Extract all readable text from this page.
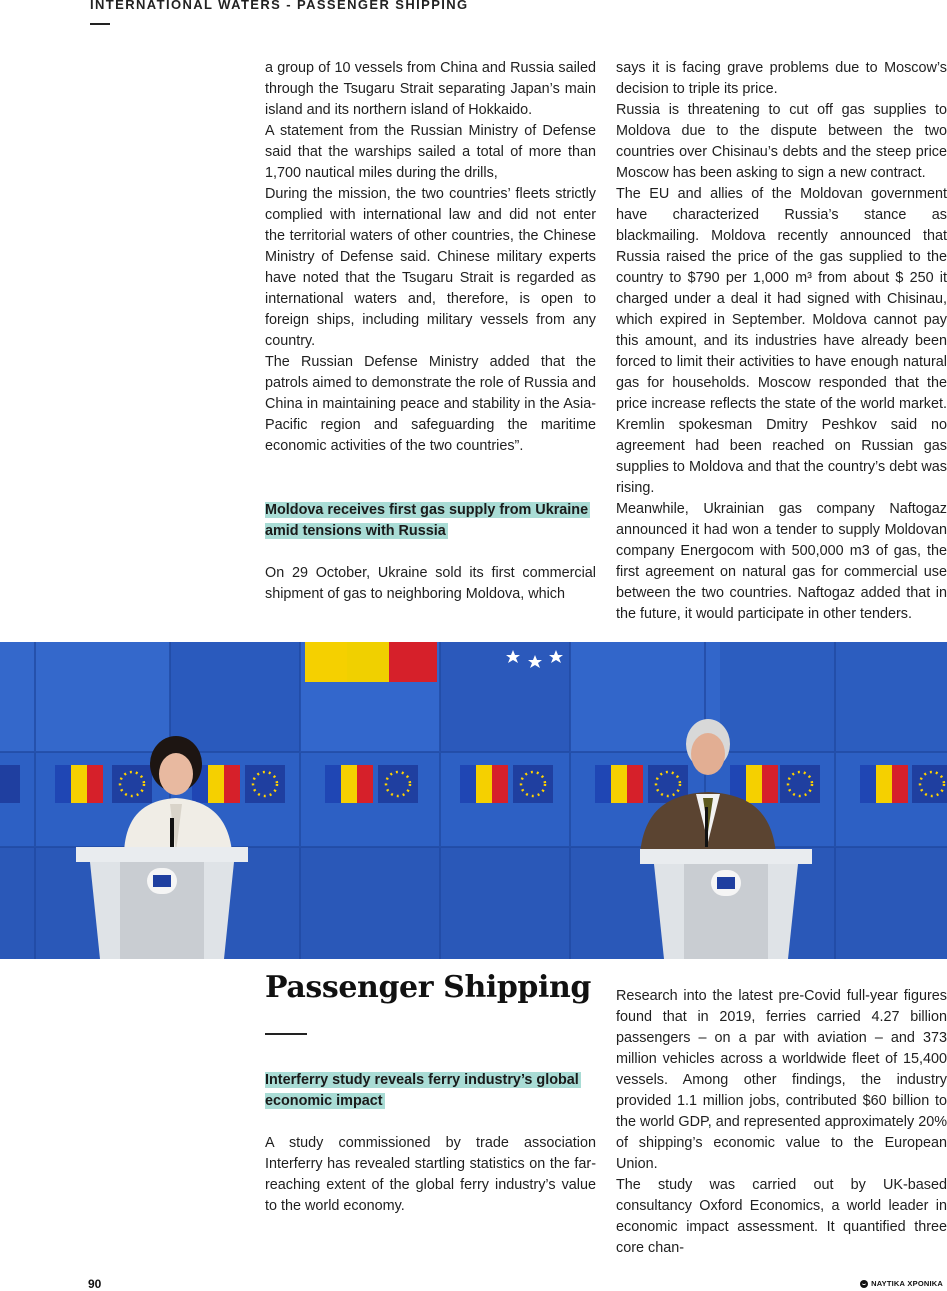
INTERNATIONAL WATERS - PASSENGER SHIPPING

a group of 10 vessels from China and Russia sailed through the Tsugaru Strait separating Japan’s main island and its northern island of Hokkaido.

A statement from the Russian Ministry of Defense said that the warships sailed a total of more than 1,700 nautical miles during the drills,

During the mission, the two countries’ fleets strictly complied with international law and did not enter the territorial waters of other countries, the Chinese Ministry of Defense said. Chinese military experts have noted that the Tsugaru Strait is regarded as international waters and, therefore, is open to foreign ships, including military vessels from any country.

The Russian Defense Ministry added that the patrols aimed to demonstrate the role of Russia and China in maintaining peace and stability in the Asia-Pacific region and safeguarding the maritime economic activities of the two countries”.

Moldova receives first gas supply from Ukraine amid tensions with Russia

On 29 October, Ukraine sold its first commercial shipment of gas to neighboring Moldova, which

says it is facing grave problems due to Moscow’s decision to triple its price.

Russia is threatening to cut off gas supplies to Moldova due to the dispute between the two countries over Chisinau’s debts and the steep price Moscow has been asking to sign a new contract.

The EU and allies of the Moldovan government have characterized Russia’s stance as blackmailing. Moldova recently announced that Russia raised the price of the gas supplied to the country to $790 per 1,000 m³ from about $ 250 it charged under a deal it had signed with Chisinau, which expired in September. Moldova cannot pay this amount, and its industries have already been forced to limit their activities to have enough natural gas for households. Moscow responded that the price increase reflects the state of the world market. Kremlin spokesman Dmitry Peshkov said no agreement had been reached on Russian gas supplies to Moldova and that the country’s debt was rising.

Meanwhile, Ukrainian gas company Naftogaz announced it had won a tender to supply Moldovan company Energocom with 500,000 m3 of gas, the first agreement on natural gas for commercial use between the two countries. Naftogaz added that in the future, it would participate in other tenders.

Passenger Shipping
Interferry study reveals ferry industry’s global economic impact

A study commissioned by trade association Interferry has revealed startling statistics on the far-reaching extent of the global ferry industry’s value to the world economy.

Research into the latest pre-Covid full-year figures found that in 2019, ferries carried 4.27 billion passengers – on a par with aviation – and 373 million vehicles across a worldwide fleet of 15,400 vessels. Among other findings, the industry provided 1.1 million jobs, contributed $60 billion to the world GDP, and represented approximately 20% of shipping’s economic value to the European Union.

The study was carried out by UK-based consultancy Oxford Economics, a world leader in economic impact assessment. It quantified three core chan-

90	ΝΑΥΤΙΚΑ ΧΡΟΝΙΚΑ
